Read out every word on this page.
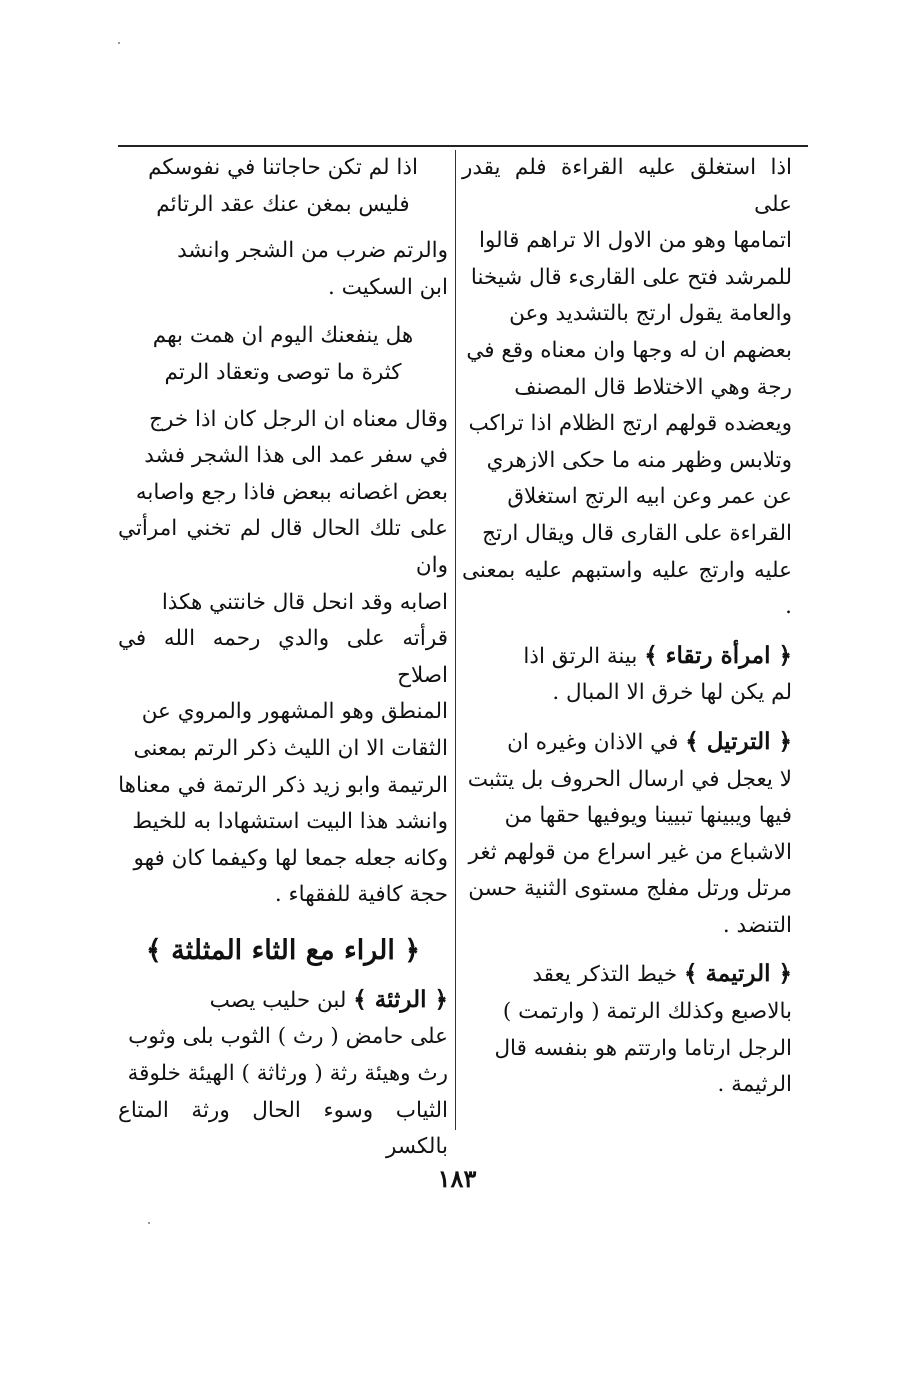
اذا استغلق عليه القراءة فلم يقدر على
اتمامها وهو من الاول الا تراهم قالوا
للمرشد فتح على القارىء قال شيخنا
والعامة يقول ارتج بالتشديد وعن
بعضهم ان له وجها وان معناه وقع في
رجة وهي الاختلاط قال المصنف
ويعضده قولهم ارتج الظلام اذا تراكب
وتلابس وظهر منه ما حكى الازهري
عن عمر وعن ابيه الرتج استغلاق
القراءة على القارى قال ويقال ارتج
عليه وارتج عليه واستبهم عليه بمعنى .

﴿ امرأة رتقاء ﴾ بينة الرتق اذا
لم يكن لها خرق الا المبال .

﴿ الترتيل ﴾ في الاذان وغيره ان
لا يعجل في ارسال الحروف بل يتثبت
فيها ويبينها تبيينا ويوفيها حقها من
الاشباع من غير اسراع من قولهم ثغر
مرتل ورتل مفلج مستوى الثنية حسن
التنضد .

﴿ الرتيمة ﴾ خيط التذكر يعقد
بالاصبع وكذلك الرتمة ( وارتمت )
الرجل ارتاما وارتتم هو بنفسه قال
الرثيمة .

اذا لم تكن حاجاتنا في نفوسكم
فليس بمغن عنك عقد الرتائم

والرتم ضرب من الشجر وانشد
ابن السكيت .

هل ينفعنك اليوم ان همت بهم
كثرة ما توصى وتعقاد الرتم

وقال معناه ان الرجل كان اذا خرج
في سفر عمد الى هذا الشجر فشد
بعض اغصانه ببعض فاذا رجع واصابه
على تلك الحال قال لم تخني امرأتي وان
اصابه وقد انحل قال خانتني هكذا
قرأته على والدي رحمه الله في اصلاح
المنطق وهو المشهور والمروي عن
الثقات الا ان الليث ذكر الرتم بمعنى
الرتيمة وابو زيد ذكر الرتمة في معناها
وانشد هذا البيت استشهادا به للخيط
وكانه جعله جمعا لها وكيفما كان فهو
حجة كافية للفقهاء .

﴿ الراء مع الثاء المثلثة ﴾

﴿ الرثئة ﴾ لبن حليب يصب
على حامض ( رث ) الثوب بلى وثوب
رث وهيئة رثة ( ورثاثة ) الهيئة خلوقة
الثياب وسوء الحال ورثة المتاع بالكسر

١٨٣
